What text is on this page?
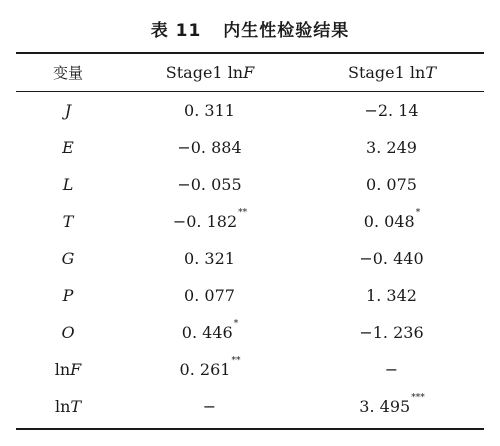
表 11 内生性检验结果
变量	Stage1 lnF	Stage1 lnT
J	0. 311	−2. 14
E	−0. 884	3. 249
L	−0. 055	0. 075
T	−0. 182**	0. 048*
G	0. 321	−0. 440
P	0. 077	1. 342
O	0. 446*	−1. 236
lnF	0. 261**	−
lnT	−	3. 495***
